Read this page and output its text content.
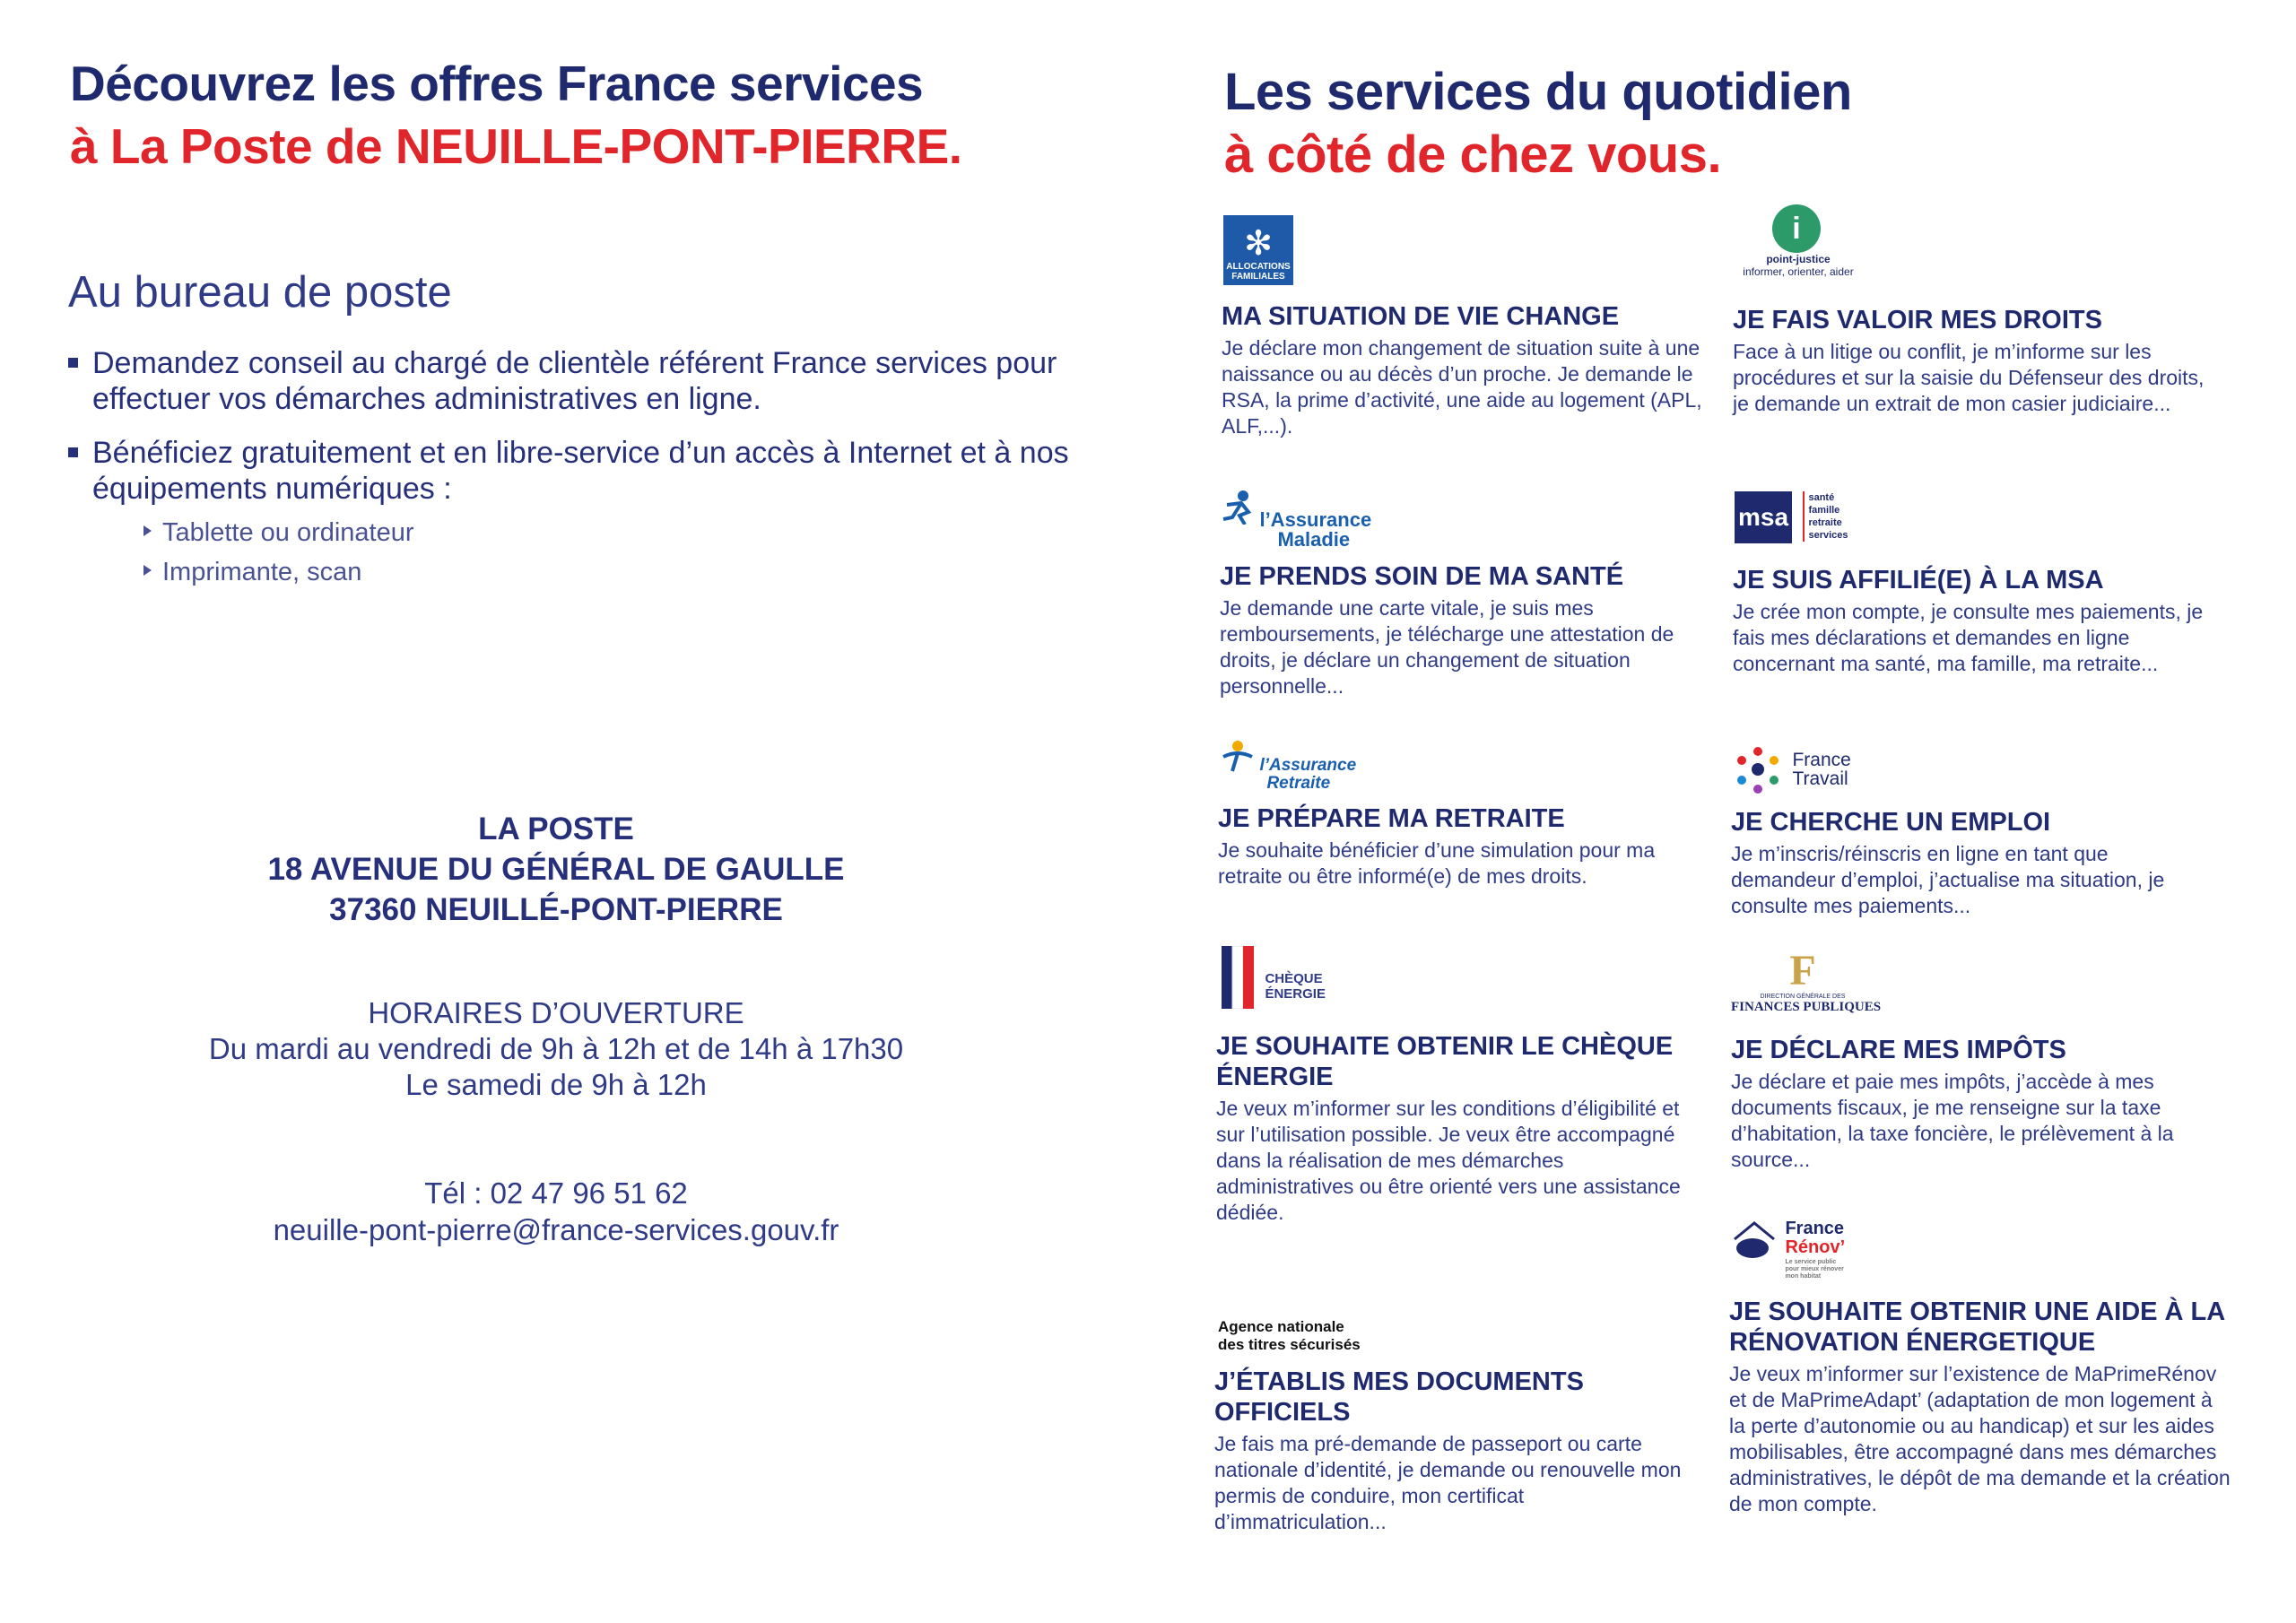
Découvrez les offres France services
à La Poste de NEUILLE-PONT-PIERRE.
Au bureau de poste
Demandez conseil au chargé de clientèle référent France services pour effectuer vos démarches administratives en ligne.
Bénéficiez gratuitement et en libre-service d’un accès à Internet et à nos équipements numériques :
Tablette ou ordinateur
Imprimante, scan
LA POSTE
18 AVENUE DU GÉNÉRAL DE GAULLE
37360 NEUILLÉ-PONT-PIERRE
HORAIRES D’OUVERTURE
Du mardi au vendredi de 9h à 12h et de 14h à 17h30
Le samedi de 9h à 12h
Tél : 02 47 96 51 62
neuille-pont-pierre@france-services.gouv.fr
Les services du quotidien
à côté de chez vous.
✻
ALLOCATIONS FAMILIALES
i
point-justice
informer, orienter, aider

l’Assurance
Maladie
msa
santé
famille
retraite
services

l’Assurance
Retraite

France
Travail

CHÈQUE
ÉNERGIE	F
DIRECTION GÉNÉRALE DES
FINANCES PUBLIQUES
Agence nationale
des titres sécurisés

France
Rénov’
Le service public pour mieux rénover mon habitat
MA SITUATION DE VIE CHANGE
Je déclare mon changement de situation suite à une naissance ou au décès d’un proche. Je demande le RSA, la prime d’activité, une aide au logement (APL, ALF,...).
JE FAIS VALOIR MES DROITS
Face à un litige ou conflit, je m’informe sur les procédures et sur la saisie du Défenseur des droits, je demande un extrait de mon casier judiciaire...
JE PRENDS SOIN DE MA SANTÉ
Je demande une carte vitale, je suis mes remboursements, je télécharge une attestation de droits, je déclare un changement de situation personnelle...
JE SUIS AFFILIÉ(E) À LA MSA
Je crée mon compte, je consulte mes paiements, je fais mes déclarations et demandes en ligne concernant ma santé, ma famille, ma retraite...
JE PRÉPARE MA RETRAITE
Je souhaite bénéficier d’une simulation pour ma retraite ou être informé(e) de mes droits.
JE CHERCHE UN EMPLOI
Je m’inscris/réinscris en ligne en tant que demandeur d’emploi, j’actualise ma situation, je consulte mes paiements...
JE SOUHAITE OBTENIR LE CHÈQUE ÉNERGIE
Je veux m’informer sur les conditions d’éligibilité et sur l’utilisation possible. Je veux être accompagné dans la réalisation de mes démarches administratives ou être orienté vers une assistance dédiée.
JE DÉCLARE MES IMPÔTS
Je déclare et paie mes impôts, j’accède à mes documents fiscaux, je me renseigne sur la taxe d’habitation, la taxe foncière, le prélèvement à la source...
J’ÉTABLIS MES DOCUMENTS OFFICIELS
Je fais ma pré-demande de passeport ou carte nationale d’identité, je demande ou renouvelle mon permis de conduire, mon certificat d’immatriculation...
JE SOUHAITE OBTENIR UNE AIDE À LA RÉNOVATION ÉNERGETIQUE
Je veux m’informer sur l’existence de MaPrimeRénov et de MaPrimeAdapt’ (adaptation de mon logement à la perte d’autonomie ou au handicap) et sur les aides mobilisables, être accompagné dans mes démarches administratives, le dépôt de ma demande et la création de mon compte.
